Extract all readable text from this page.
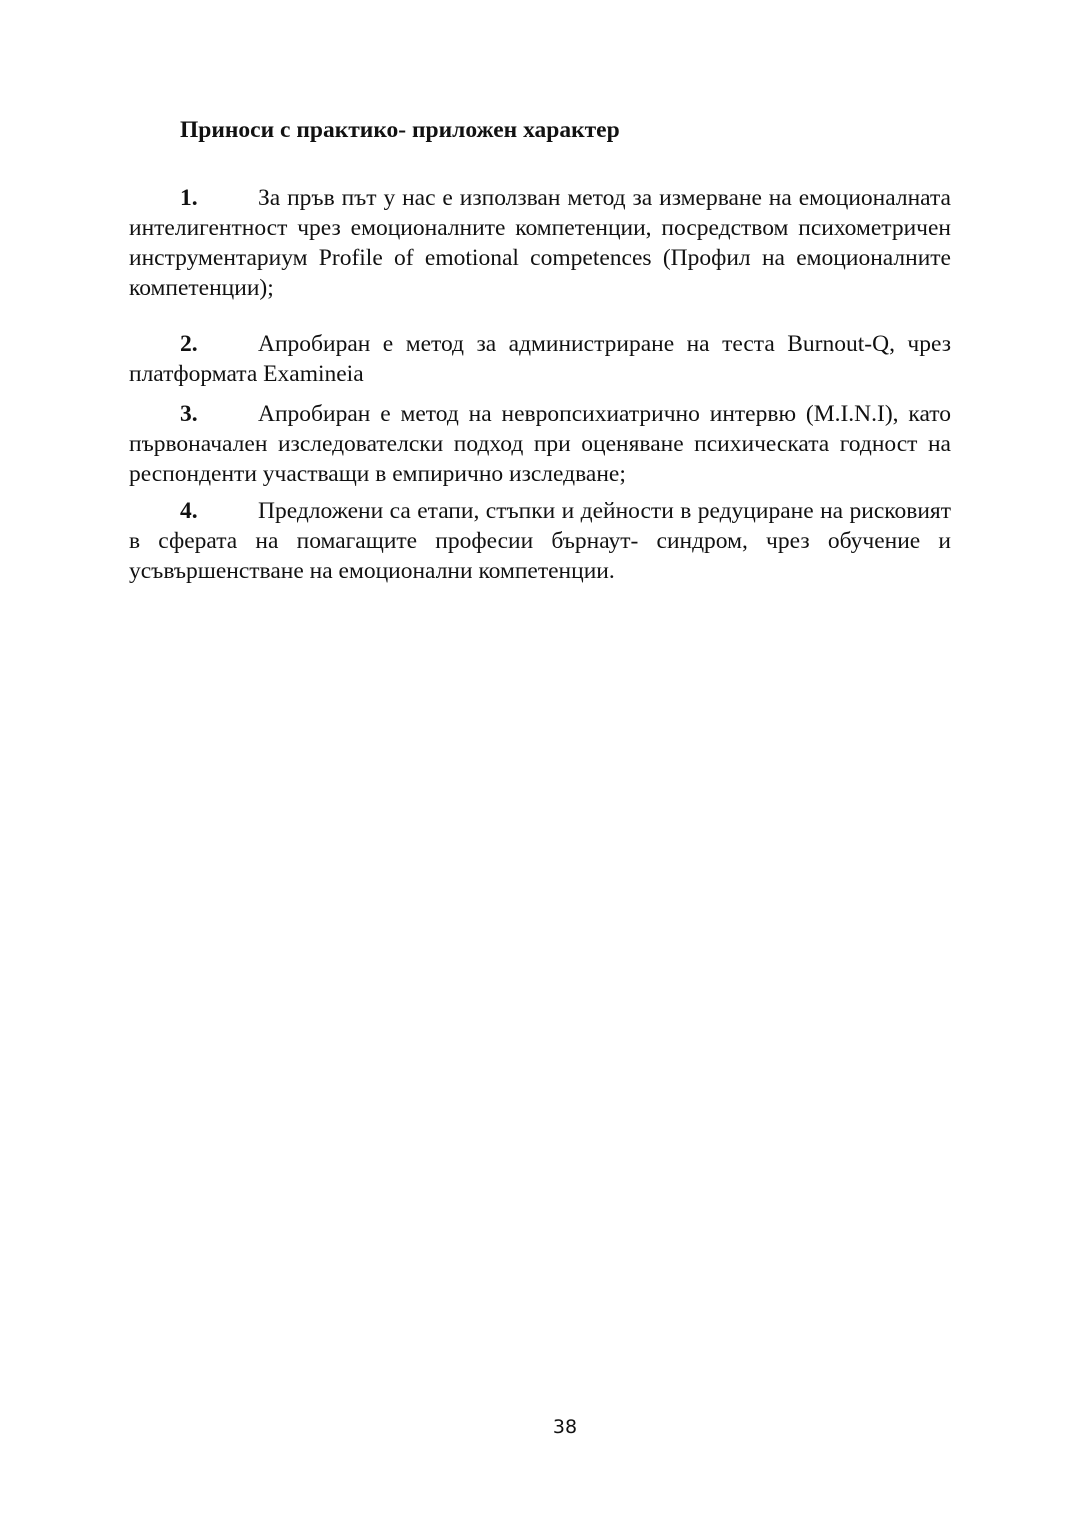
Приноси с практико- приложен характер

1.	За пръв път у нас е използван метод за измерване на емоционалната интелигентност чрез емоционалните компетенции, посредством психометричен инструментариум Profile of emotional competences (Профил на емоционалните компетенции);

2.	Апробиран е метод за администриране на теста Burnout-Q, чрез платформата Examineia

3.	Апробиран е метод на невропсихиатрично интервю (M.I.N.I), като първоначален изследователски подход при оценяване психическата годност на респонденти участващи в емпирично изследване;

4.	Предложени са етапи, стъпки и дейности в редуциране на рисковият в сферата на помагащите професии бърнаут- синдром, чрез обучение и усъвършенстване на емоционални компетенции.

38
